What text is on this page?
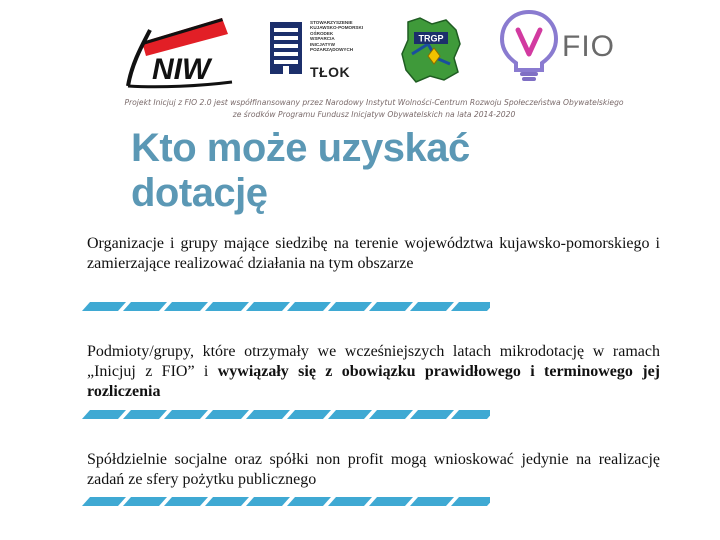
NIW
STOWARZYSZENIE
KUJAWSKO-POMORSKI
OŚRODEK
WSPARCIA
INICJATYW
POZARZĄDOWYCH
TŁOK
TRGP	FIO
Projekt Inicjuj z FIO 2.0 jest współfinansowany przez Narodowy Instytut Wolności-Centrum Rozwoju Społeczeństwa Obywatelskiego
ze środków Programu Fundusz Inicjatyw Obywatelskich na lata 2014-2020
Kto może uzyskać
dotację
Organizacje i grupy mające siedzibę na terenie województwa kujawsko-pomorskiego i zamierzające realizować działania na tym obszarze
Podmioty/grupy, które otrzymały we wcześniejszych latach mikrodotację w ramach „Inicjuj z FIO” i wywiązały się z obowiązku prawidłowego i terminowego jej rozliczenia
Spółdzielnie socjalne oraz spółki non profit mogą wnioskować jedynie na realizację zadań ze sfery pożytku publicznego
